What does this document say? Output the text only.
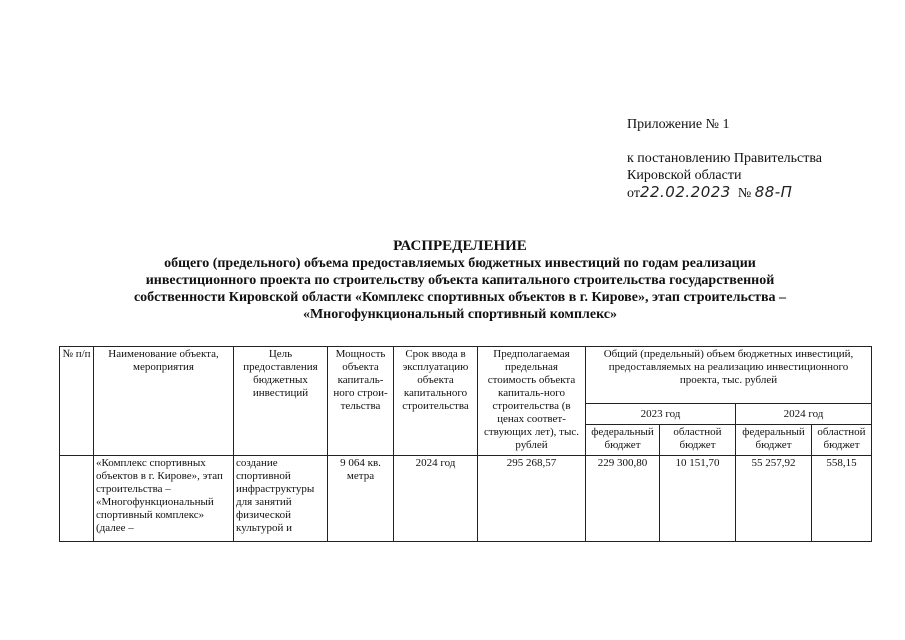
Приложение № 1
к постановлению Правительства
Кировской области
от22.02.2023 № 88-П
РАСПРЕДЕЛЕНИЕ
общего (предельного) объема предоставляемых бюджетных инвестиций по годам реализации
инвестиционного проекта по строительству объекта капитального строительства государственной
собственности Кировской области «Комплекс спортивных объектов в г. Кирове», этап строительства –
«Многофункциональный спортивный комплекс»
№ п/п	Наименование объекта, мероприятия	Цель предоставления бюджетных инвестиций	Мощность объекта капиталь-ного строи-тельства	Срок ввода в эксплуатацию объекта капитального строительства	Предполагаемая предельная стоимость объекта капиталь-ного строительства (в ценах соответ-ствующих лет), тыс. рублей	Общий (предельный) объем бюджетных инвестиций, предоставляемых на реализацию инвестиционного проекта, тыс. рублей			
						2023 год		2024 год	
						федеральный бюджет	областной бюджет	федеральный бюджет	областной бюджет
	«Комплекс спортивных объектов в г. Кирове», этап строительства – «Многофункциональный спортивный комплекс» (далее –	создание спортивной инфраструктуры для занятий физической культурой и	9 064 кв. метра	2024 год	295 268,57	229 300,80	10 151,70	55 257,92	558,15
